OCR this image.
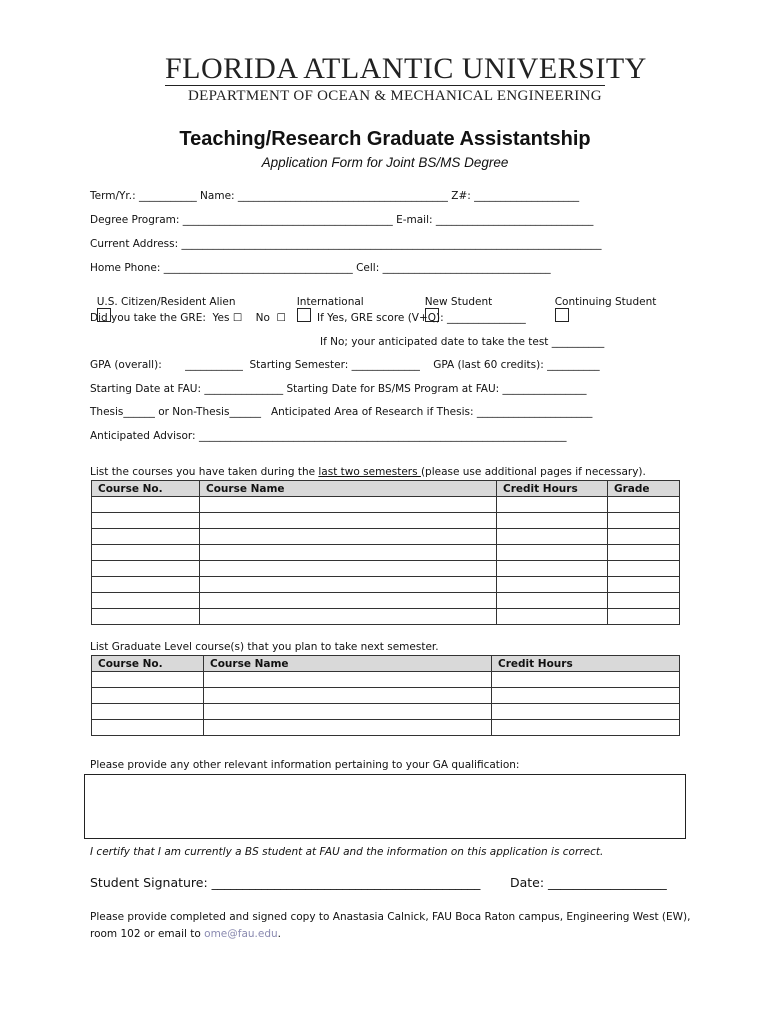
FLORIDA ATLANTIC UNIVERSITY
DEPARTMENT OF OCEAN & MECHANICAL ENGINEERING
Teaching/Research Graduate Assistantship
Application Form for Joint BS/MS Degree
Term/Yr.: ___________ Name: ________________________________________ Z#: ____________________
Degree Program: ________________________________________ E-mail: ______________________________
Current Address: ________________________________________________________________________________
Home Phone: ____________________________________ Cell: ________________________________

U.S. Citizen/Resident Alien
	International
	New Student
	Continuing Student

Did you take the GRE:  Yes ☐    No  ☐	If Yes, GRE score (V+Q): _______________
If No; your anticipated date to take the test __________
GPA (overall):       ___________  Starting Semester: _____________    GPA (last 60 credits): __________
Starting Date at FAU: _______________ Starting Date for BS/MS Program at FAU: ________________
Thesis______ or Non-Thesis______   Anticipated Area of Research if Thesis: ______________________
Anticipated Advisor: ______________________________________________________________________
List the courses you have taken during the last two semesters (please use additional pages if necessary).
Course No.	Course Name	Credit Hours	Grade

List Graduate Level course(s) that you plan to take next semester.
Course No.	Course Name	Credit Hours

Please provide any other relevant information pertaining to your GA qualification:
I certify that I am currently a BS student at FAU and the information on this application is correct.
Student Signature: ___________________________________________ Date: ___________________
Please provide completed and signed copy to Anastasia Calnick, FAU Boca Raton campus, Engineering West (EW),
room 102 or email to ome@fau.edu.
